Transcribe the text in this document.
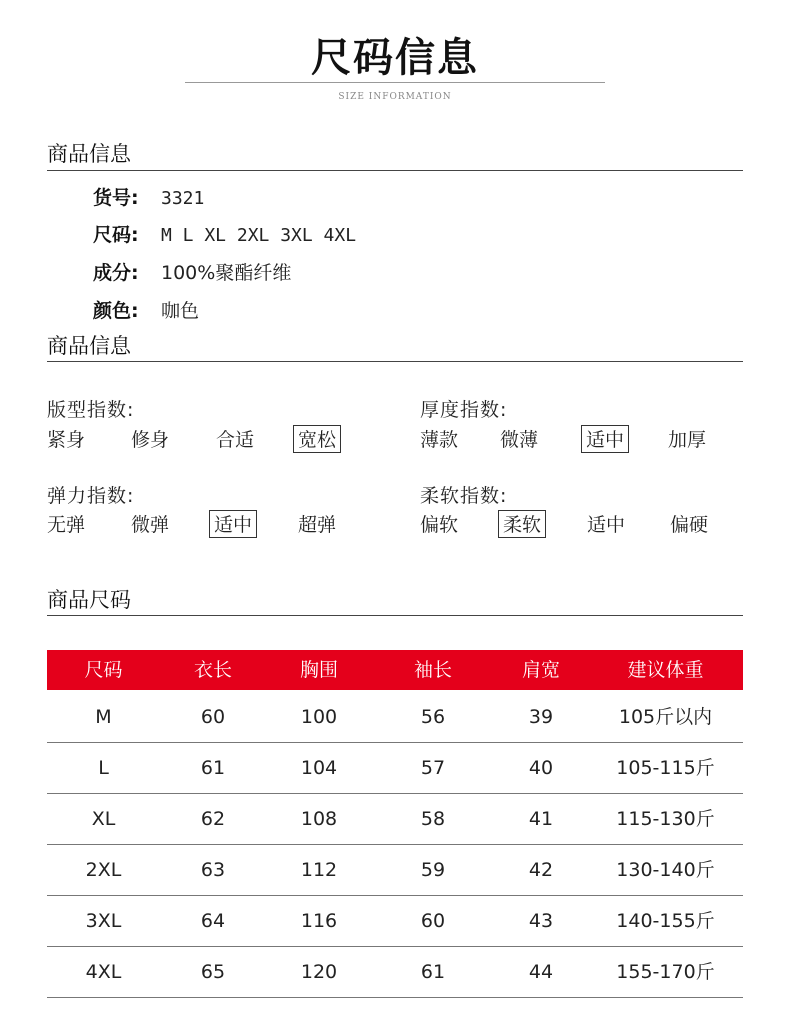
尺码信息
SIZE INFORMATION
商品信息
货号: 3321
尺码: M L XL 2XL 3XL 4XL
成分: 100%聚酯纤维
颜色: 咖色
商品信息
版型指数:
紧身 修身 合适 宽松
厚度指数:
薄款 微薄	适中 加厚
弹力指数:
无弹 微弹 适中 超弹
柔软指数:
偏软 柔软 适中 偏硬
商品尺码
尺码	衣长	胸围	袖长	肩宽	建议体重
M	60	100	56	39	105斤以内
L	61	104	57	40	105-115斤
XL	62	108	58	41	115-130斤
2XL	63	112	59	42	130-140斤
3XL	64	116	60	43	140-155斤
4XL	65	120	61	44	155-170斤
